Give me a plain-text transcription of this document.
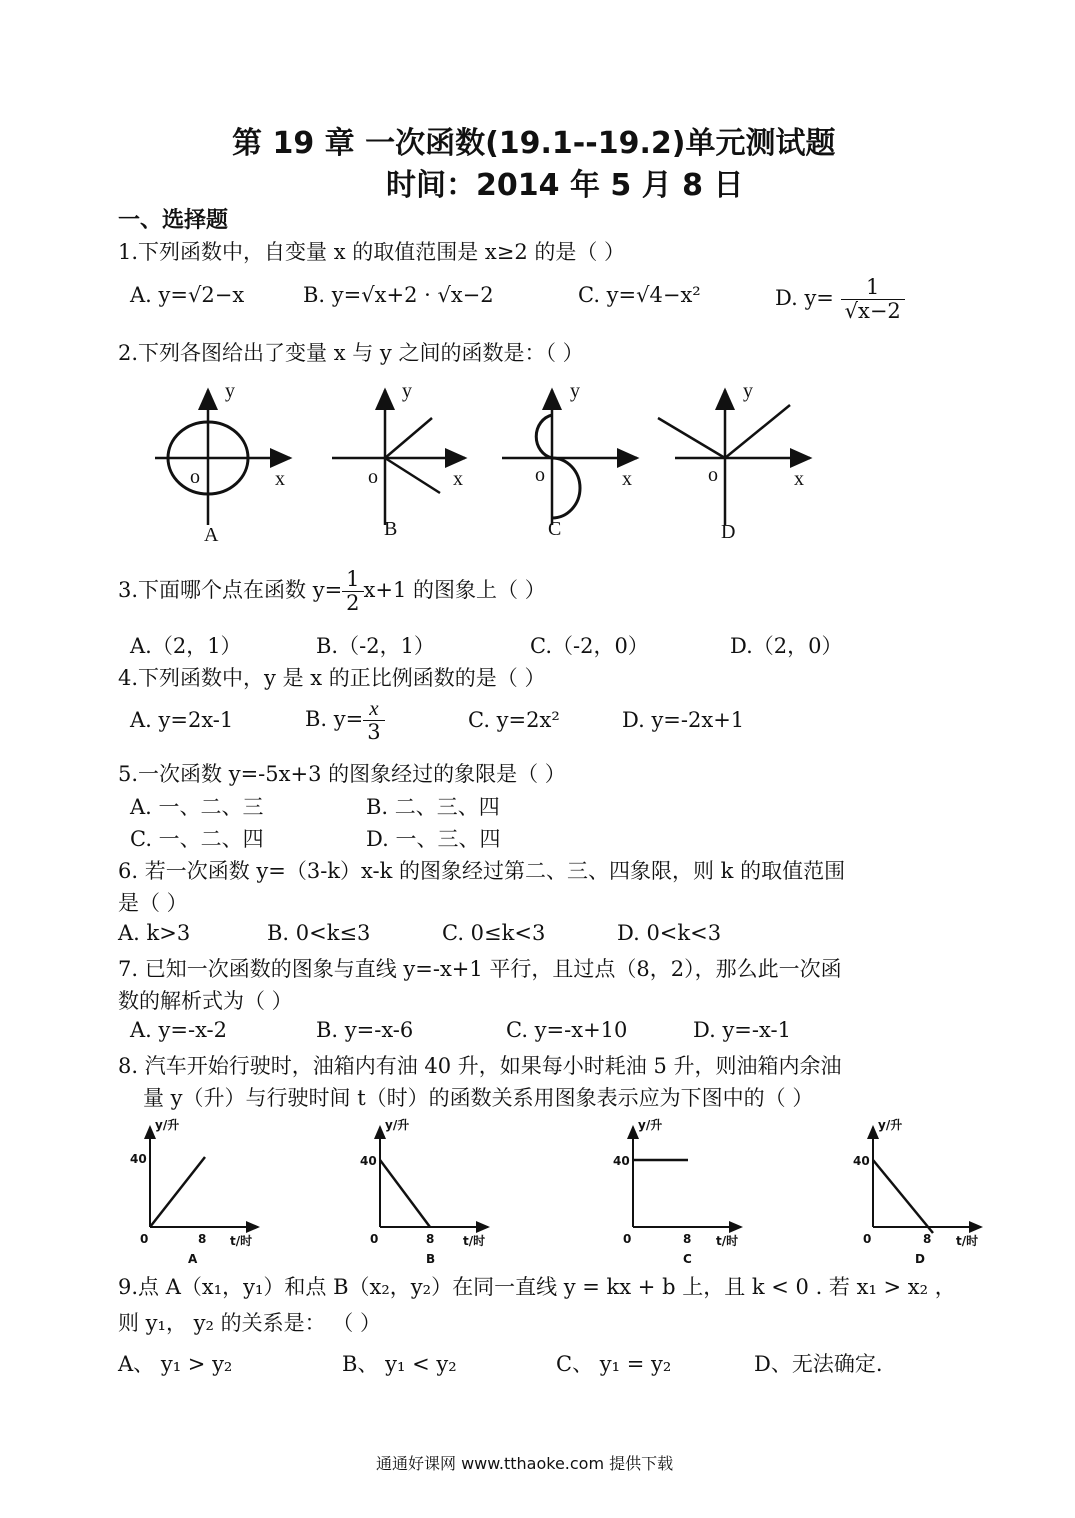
第 19 章 一次函数(19.1--19.2)单元测试题
时间：2014 年 5 月 8 日
一、选择题
1.下列函数中，自变量 x 的取值范围是 x≥2 的是（ ）
A. y=√2−x	B. y=√x+2 · √x−2	C. y=√4−x²	D. $y= \frac{1}{√x-2}$
2.下列各图给出了变量 x 与 y 之间的函数是：（ ）
y
x
o
y
x
o
y
x
o
y
x
o
A	B	C	D
3.下面哪个点在函数 $y= \frac{1}{2} x+1$ 的图象上（ ）
A.（2，1）	B.（-2，1）	C.（-2，0）	D.（2，0）
4.下列函数中，y 是 x 的正比例函数的是（ ）
A. y=2x-1	B. $y= \frac{x}{3}$	C. y=2x²	D. y=-2x+1
5.一次函数 y=-5x+3 的图象经过的象限是（ ）
A. 一、二、三	B. 二、三、四
C. 一、二、四	D. 一、三、四
6. 若一次函数 y=（3-k）x-k 的图象经过第二、三、四象限，则 k 的取值范围
是（ ）
A. k>3	B. 0<k≤3	C. 0≤k<3	D. 0<k<3
7. 已知一次函数的图象与直线 y=-x+1 平行，且过点（8，2），那么此一次函
数的解析式为（ ）
A. y=-x-2	B. y=-x-6	C. y=-x+10	D. y=-x-1
8. 汽车开始行驶时，油箱内有油 40 升，如果每小时耗油 5 升，则油箱内余油
量 y（升）与行驶时间 t（时）的函数关系用图象表示应为下图中的（ ）
y/升
40
0	8 t/时
A
y/升
40
0	8 t/时
B
y/升
40
0	8 t/时
C
y/升
40
0	8 t/时
D
9.点 A（x₁，y₁）和点 B（x₂，y₂）在同一直线 y = kx + b 上，且 k < 0 . 若 x₁ > x₂ ，
则 y₁， y₂ 的关系是： （ ）
A、 y₁ > y₂	B、 y₁ < y₂	C、 y₁ = y₂	D、无法确定.
通通好课网 www.tthaoke.com 提供下载
